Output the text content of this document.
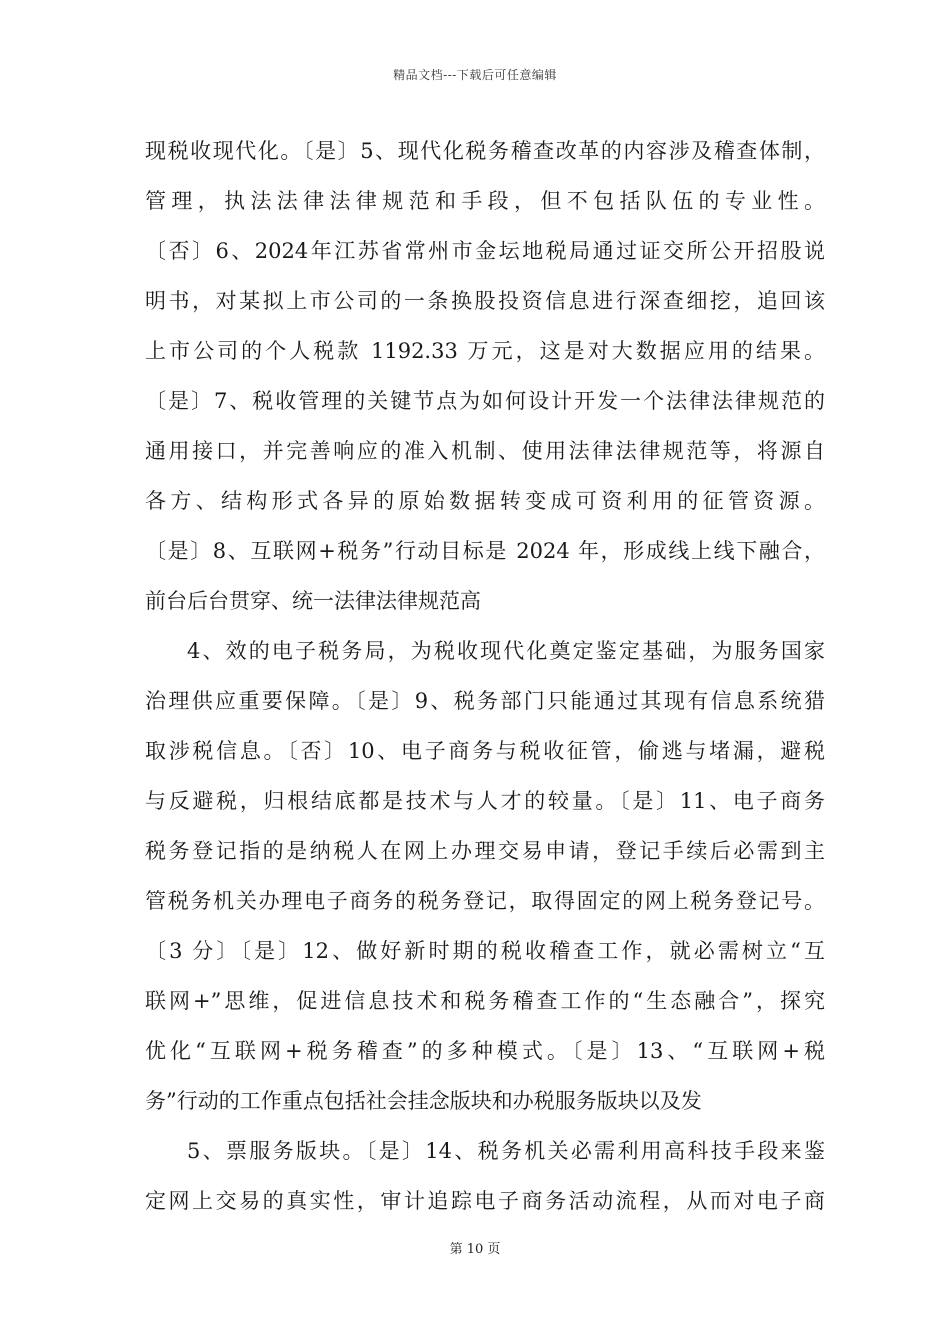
精品文档---下载后可任意编辑
现税收现代化。〔是〕5、现代化税务稽查改革的内容涉及稽查体制，
管理，执法法律法律规范和手段，但不包括队伍的专业性。
〔否〕6、2024年江苏省常州市金坛地税局通过证交所公开招股说
明书，对某拟上市公司的一条换股投资信息进行深查细挖，追回该
上市公司的个人税款 1192.33 万元，这是对大数据应用的结果。
〔是〕7、税收管理的关键节点为如何设计开发一个法律法律规范的
通用接口，并完善响应的准入机制、使用法律法律规范等，将源自
各方、结构形式各异的原始数据转变成可资利用的征管资源。
〔是〕8、互联网+税务”行动目标是 2024 年，形成线上线下融合，
前台后台贯穿、统一法律法律规范高
4、效的电子税务局，为税收现代化奠定鉴定基础，为服务国家
治理供应重要保障。〔是〕9、税务部门只能通过其现有信息系统猎
取涉税信息。〔否〕10、电子商务与税收征管，偷逃与堵漏，避税
与反避税，归根结底都是技术与人才的较量。〔是〕11、电子商务
税务登记指的是纳税人在网上办理交易申请，登记手续后必需到主
管税务机关办理电子商务的税务登记，取得固定的网上税务登记号。
〔3 分〕〔是〕12、做好新时期的税收稽查工作，就必需树立“互
联网+”思维，促进信息技术和税务稽查工作的“生态融合”，探究
优化“互联网+税务稽查”的多种模式。〔是〕13、“互联网+税
务”行动的工作重点包括社会挂念版块和办税服务版块以及发
5、票服务版块。〔是〕14、税务机关必需利用高科技手段来鉴
定网上交易的真实性，审计追踪电子商务活动流程，从而对电子商
第 10 页
